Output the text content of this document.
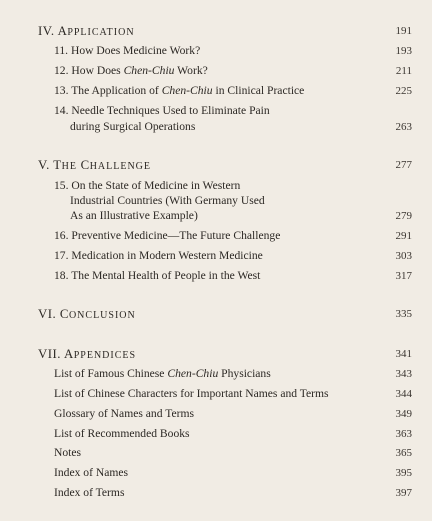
IV. APPLICATION	191
11. How Does Medicine Work?	193
12. How Does Chen-Chiu Work?	211
13. The Application of Chen-Chiu in Clinical Practice	225
14. Needle Techniques Used to Eliminate Pain
during Surgical Operations	263
V. THE CHALLENGE	277
15. On the State of Medicine in Western
Industrial Countries (With Germany Used
As an Illustrative Example)	279
16. Preventive Medicine—The Future Challenge	291
17. Medication in Modern Western Medicine	303
18. The Mental Health of People in the West	317
VI. CONCLUSION	335
VII. APPENDICES	341
List of Famous Chinese Chen-Chiu Physicians	343
List of Chinese Characters for Important Names and Terms	344
Glossary of Names and Terms	349
List of Recommended Books	363
Notes	365
Index of Names	395
Index of Terms	397
